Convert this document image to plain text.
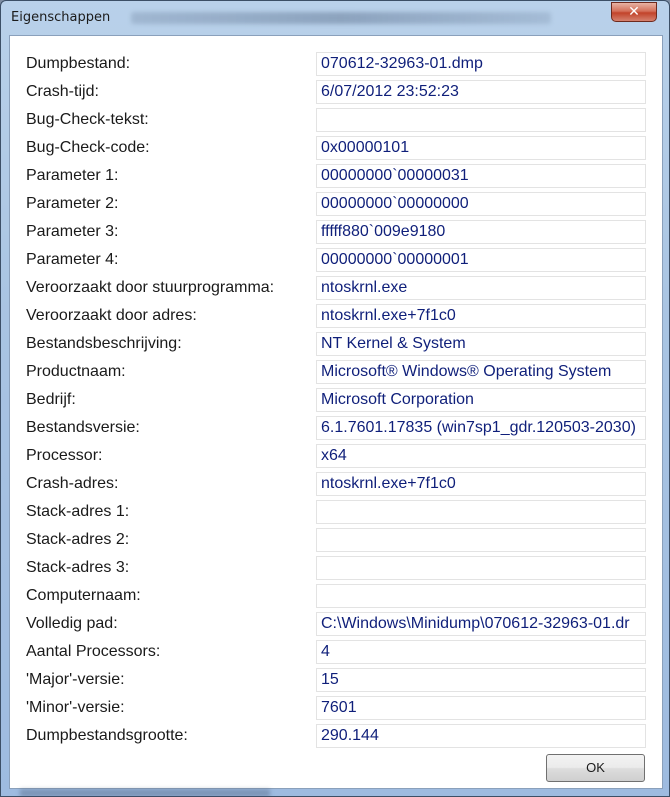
Eigenschappen	✕
Dumpbestand:	070612-32963-01.dmp
Crash-tijd:	6/07/2012 23:52:23
Bug-Check-tekst:
Bug-Check-code:	0x00000101
Parameter 1:	00000000`00000031
Parameter 2:	00000000`00000000
Parameter 3:	fffff880`009e9180
Parameter 4:	00000000`00000001
Veroorzaakt door stuurprogramma:	ntoskrnl.exe
Veroorzaakt door adres:	ntoskrnl.exe+7f1c0
Bestandsbeschrijving:	NT Kernel & System
Productnaam:	Microsoft® Windows® Operating System
Bedrijf:	Microsoft Corporation
Bestandsversie:	6.1.7601.17835 (win7sp1_gdr.120503-2030)
Processor:	x64
Crash-adres:	ntoskrnl.exe+7f1c0
Stack-adres 1:
Stack-adres 2:
Stack-adres 3:
Computernaam:
Volledig pad:	C:\Windows\Minidump\070612-32963-01.dr
Aantal Processors:	4
'Major'-versie:	15
'Minor'-versie:	7601
Dumpbestandsgrootte:	290.144
OK
